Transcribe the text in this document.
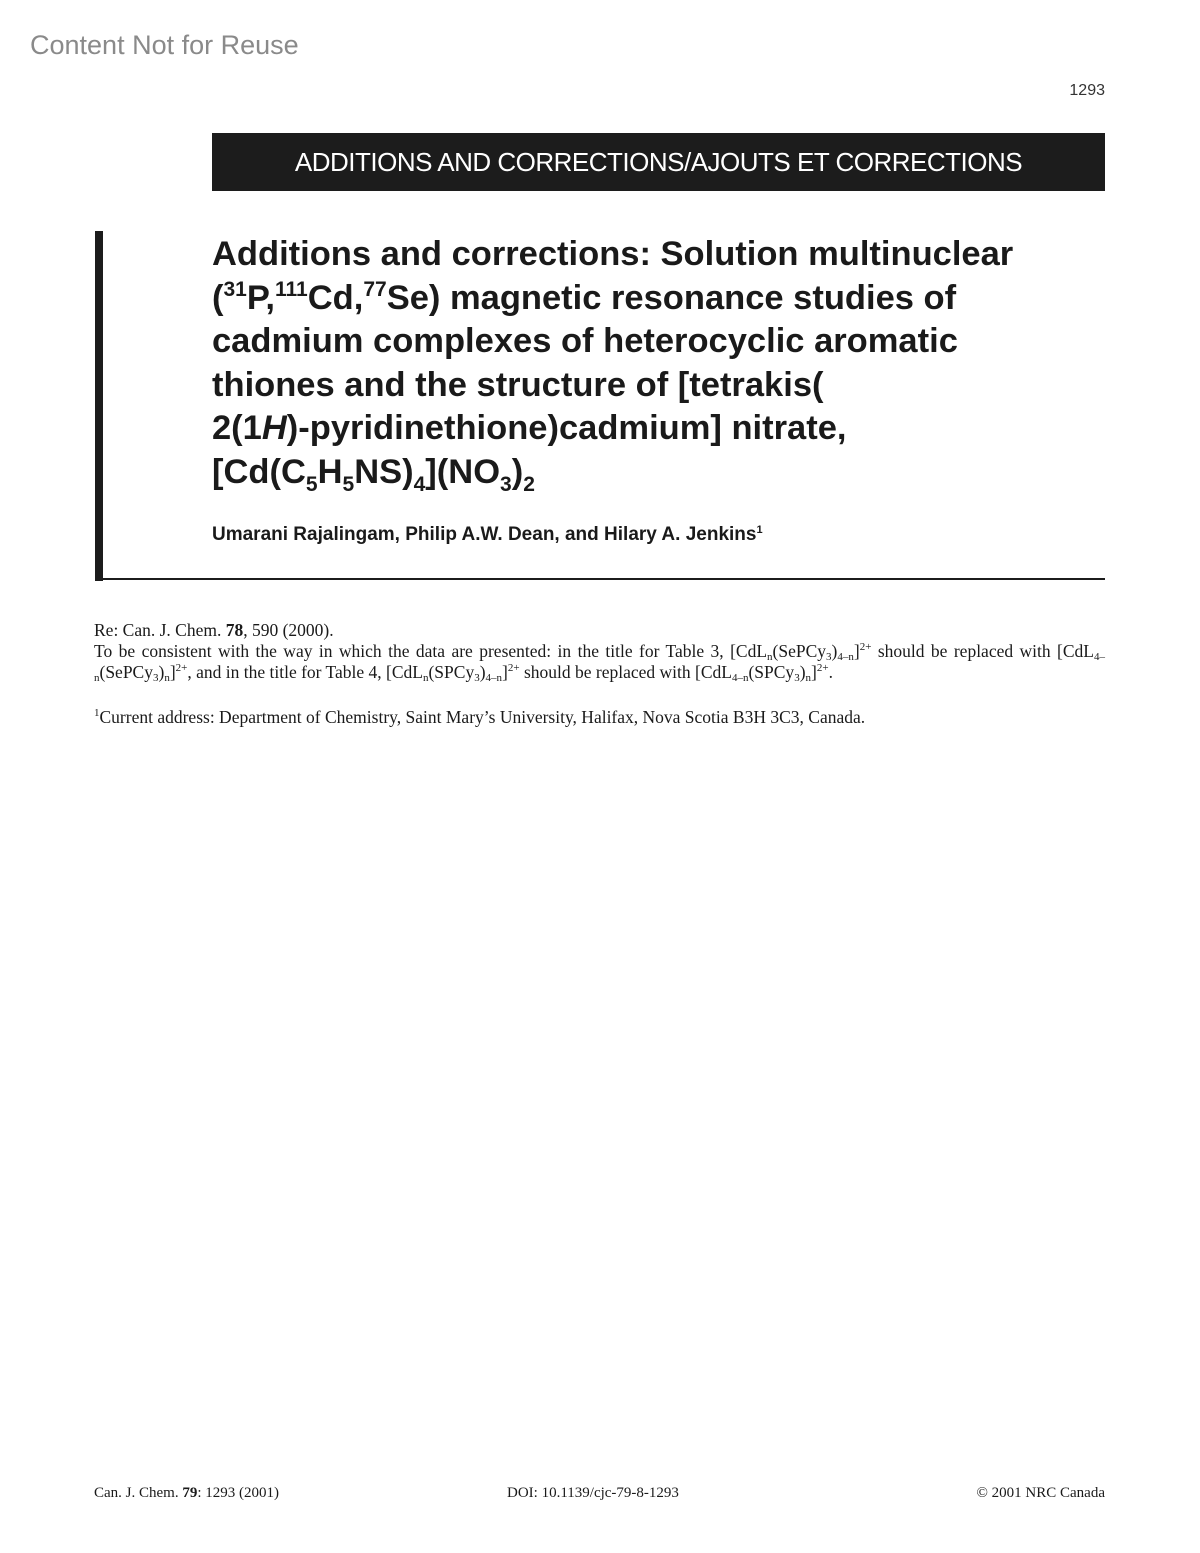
Content Not for Reuse
1293
ADDITIONS AND CORRECTIONS/AJOUTS ET CORRECTIONS
Additions and corrections: Solution multinuclear
($^{31}$P,$^{111}$Cd,$^{77}$Se) magnetic resonance studies of
cadmium complexes of heterocyclic aromatic
thiones and the structure of [tetrakis(
2(1H)-pyridinethione)cadmium] nitrate,
$[Cd(C_5H_5NS)_4](NO_3)_2$
Umarani Rajalingam, Philip A.W. Dean, and Hilary A. Jenkins$^1$

Re: Can. J. Chem. 78, 590 (2000).

To be consistent with the way in which the data are presented: in the title for Table 3, $[CdL_n(SePCy_3)_{4-n}]^{2+}$ should be replaced with $[CdL_{4-n}(SePCy_3)_n]^{2+}$, and in the title for Table 4, $[CdL_n(SPCy_3)_{4-n}]^{2+}$ should be replaced with $[CdL_{4-n}(SPCy_3)_n]^{2+}$.

$^1$Current address: Department of Chemistry, Saint Mary’s University, Halifax, Nova Scotia B3H 3C3, Canada.
Can. J. Chem. 79: 1293 (2001)	DOI: 10.1139/cjc-79-8-1293	© 2001 NRC Canada
